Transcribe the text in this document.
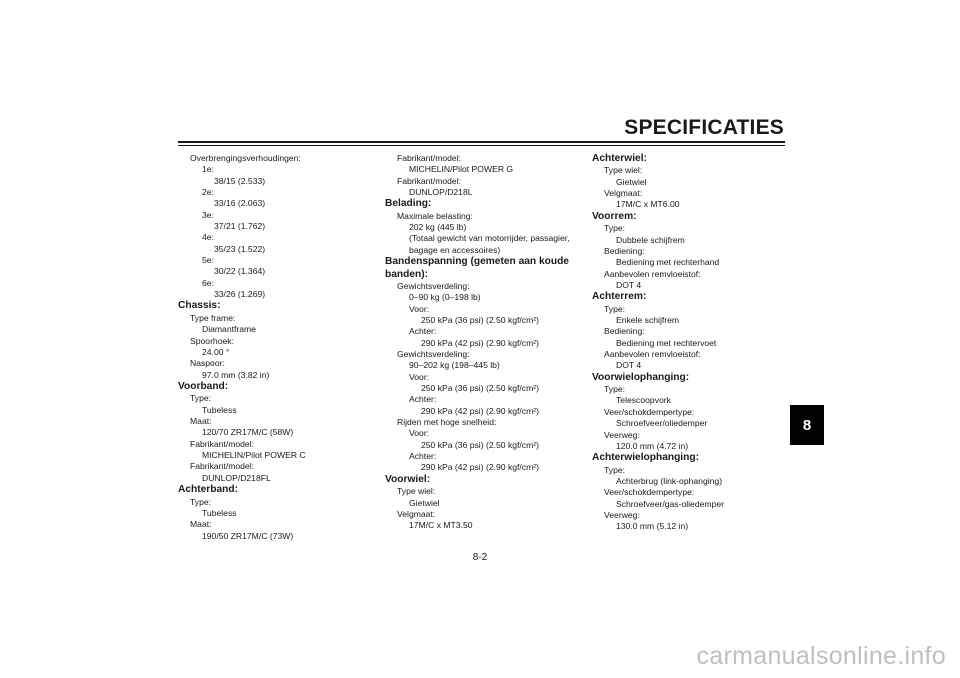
SPECIFICATIES
Overbrengingsverhoudingen:
1e:
38/15 (2.533)
2e:
33/16 (2.063)
3e:
37/21 (1.762)
4e:
35/23 (1.522)
5e:
30/22 (1.364)
6e:
33/26 (1.269)
Chassis:
Type frame:
Diamantframe
Spoorhoek:
24.00 °
Naspoor:
97.0 mm (3.82 in)
Voorband:
Type:
Tubeless
Maat:
120/70 ZR17M/C (58W)
Fabrikant/model:
MICHELIN/Pilot POWER C
Fabrikant/model:
DUNLOP/D218FL
Achterband:
Type:
Tubeless
Maat:
190/50 ZR17M/C (73W)
Fabrikant/model:
MICHELIN/Pilot POWER G
Fabrikant/model:
DUNLOP/D218L
Belading:
Maximale belasting:
202 kg (445 lb)
(Totaal gewicht van motorrijder, passagier,
bagage en accessoires)
Bandenspanning (gemeten aan koude banden):
Gewichtsverdeling:
0–90 kg (0–198 lb)
Voor:
250 kPa (36 psi) (2.50 kgf/cm²)
Achter:
290 kPa (42 psi) (2.90 kgf/cm²)
Gewichtsverdeling:
90–202 kg (198–445 lb)
Voor:
250 kPa (36 psi) (2.50 kgf/cm²)
Achter:
290 kPa (42 psi) (2.90 kgf/cm²)
Rijden met hoge snelheid:
Voor:
250 kPa (36 psi) (2.50 kgf/cm²)
Achter:
290 kPa (42 psi) (2.90 kgf/cm²)
Voorwiel:
Type wiel:
Gietwiel
Velgmaat:
17M/C x MT3.50
Achterwiel:
Type wiel:
Gietwiel
Velgmaat:
17M/C x MT6.00
Voorrem:
Type:
Dubbele schijfrem
Bediening:
Bediening met rechterhand
Aanbevolen remvloeistof:
DOT 4
Achterrem:
Type:
Enkele schijfrem
Bediening:
Bediening met rechtervoet
Aanbevolen remvloeistof:
DOT 4
Voorwielophanging:
Type:
Telescoopvork
Veer/schokdempertype:
Schroefveer/oliedemper
Veerweg:
120.0 mm (4.72 in)
Achterwielophanging:
Type:
Achterbrug (link-ophanging)
Veer/schokdempertype:
Schroefveer/gas-oliedemper
Veerweg:
130.0 mm (5.12 in)
8
8-2
carmanualsonline.info
